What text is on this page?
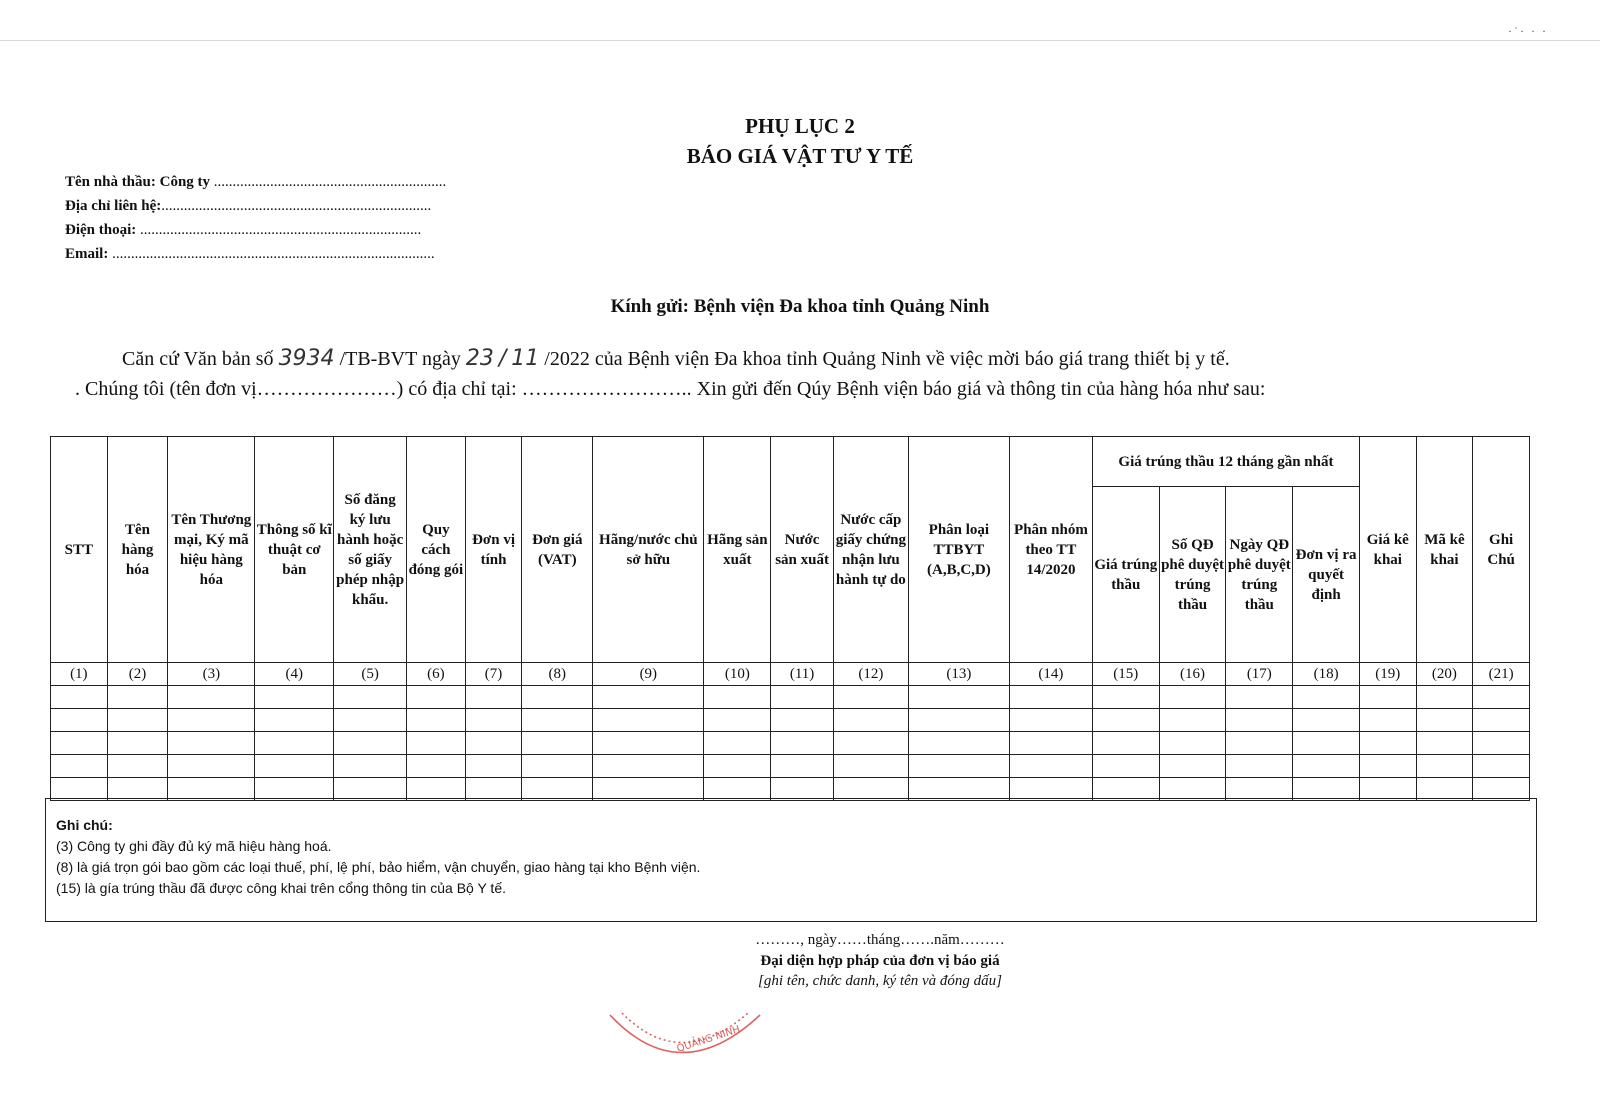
·˙· · ·
PHỤ LỤC 2
BÁO GIÁ VẬT TƯ Y TẾ
Tên nhà thầu: Công ty ..............................................................
Địa chỉ liên hệ:........................................................................
Điện thoại: ...........................................................................
Email: ......................................................................................
Kính gửi: Bệnh viện Đa khoa tỉnh Quảng Ninh
Căn cứ Văn bản số 3934 /TB-BVT ngày 23 / 11 /2022 của Bệnh viện Đa khoa tỉnh Quảng Ninh về việc mời báo giá trang thiết bị y tế.
. Chúng tôi (tên đơn vị…………………) có địa chỉ tại: …………………….. Xin gửi đến Qúy Bệnh viện báo giá và thông tin của hàng hóa như sau:
STT	Tên hàng hóa	Tên Thương mại, Ký mã hiệu hàng hóa	Thông số kĩ thuật cơ bản	Số đăng ký lưu hành hoặc số giấy phép nhập khẩu.	Quy cách đóng gói	Đơn vị tính	Đơn giá (VAT)	Hãng/nước chủ sở hữu	Hãng sản xuất	Nước sản xuất	Nước cấp giấy chứng nhận lưu hành tự do	Phân loại TTBYT (A,B,C,D)	Phân nhóm theo TT 14/2020	Giá trúng thầu 12 tháng gần nhất				Giá kê khai	Mã kê khai	Ghi Chú
														Giá trúng thầu	Số QĐ phê duyệt trúng thầu	Ngày QĐ phê duyệt trúng thầu	Đơn vị ra quyết định			
(1)	(2)	(3)	(4)	(5)	(6)	(7)	(8)	(9)	(10)	(11)	(12)	(13)	(14)	(15)	(16)	(17)	(18)	(19)	(20)	(21)

Ghi chú:
(3) Công ty ghi đầy đủ ký mã hiệu hàng hoá.
(8) là giá trọn gói bao gồm các loại thuế, phí, lệ phí, bảo hiểm, vận chuyển, giao hàng tại kho Bệnh viện.
(15) là gía trúng thầu đã được công khai trên cổng thông tin của Bộ Y tế.
………, ngày……tháng…….năm………
Đại diện hợp pháp của đơn vị báo giá
[ghi tên, chức danh, ký tên và đóng dấu]
QUẢNG NINH
